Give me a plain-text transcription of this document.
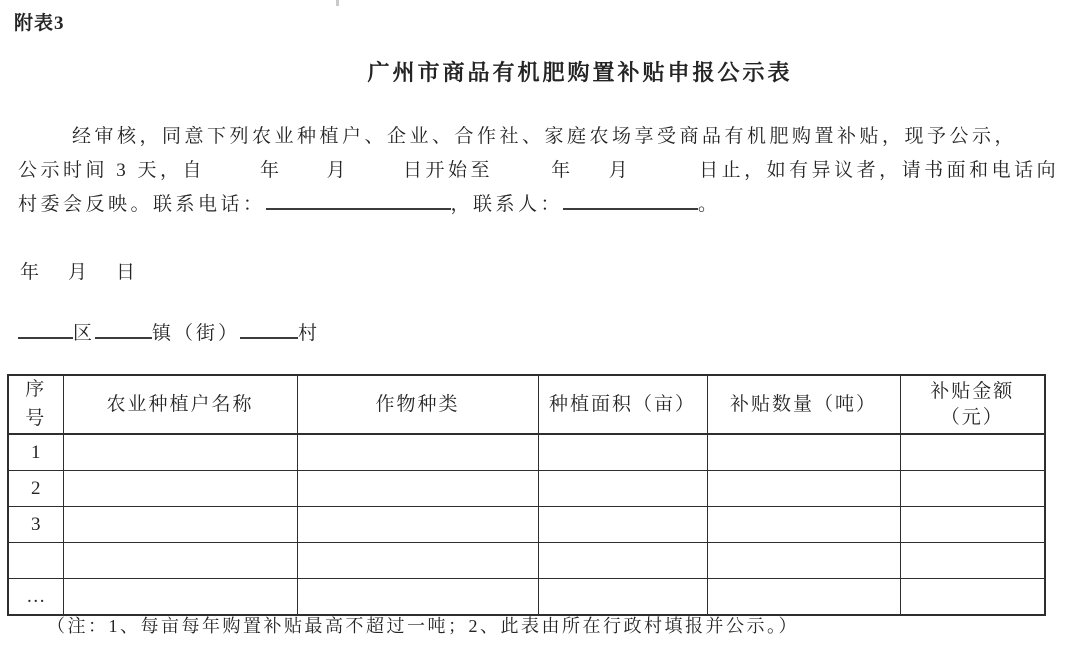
附表3
广州市商品有机肥购置补贴申报公示表
经审核，同意下列农业种植户、企业、合作社、家庭农场享受商品有机肥购置补贴，现予公示，
公示时间 3 天，自	年 月	日开始至	年 月	日止，如有异议者，请书面和电话向
村委会反映。联系电话：	，联系人：	。
年 月 日
区	镇（街）	村
序号	农业种植户名称	作物种类	种植面积（亩）	补贴数量（吨）	补贴金额（元）
1					
2					
3					

…					
（注：1、每亩每年购置补贴最高不超过一吨；2、此表由所在行政村填报并公示。）
